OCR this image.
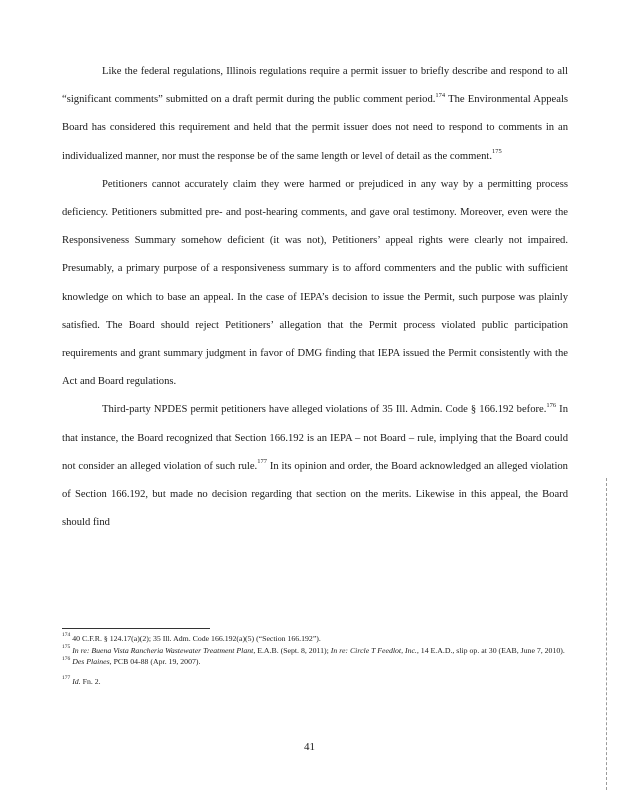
Like the federal regulations, Illinois regulations require a permit issuer to briefly describe and respond to all “significant comments” submitted on a draft permit during the public comment period.$^{174}$ The Environmental Appeals Board has considered this requirement and held that the permit issuer does not need to respond to comments in an individualized manner, nor must the response be of the same length or level of detail as the comment.$^{175}$

Petitioners cannot accurately claim they were harmed or prejudiced in any way by a permitting process deficiency. Petitioners submitted pre- and post-hearing comments, and gave oral testimony. Moreover, even were the Responsiveness Summary somehow deficient (it was not), Petitioners’ appeal rights were clearly not impaired. Presumably, a primary purpose of a responsiveness summary is to afford commenters and the public with sufficient knowledge on which to base an appeal. In the case of IEPA’s decision to issue the Permit, such purpose was plainly satisfied. The Board should reject Petitioners’ allegation that the Permit process violated public participation requirements and grant summary judgment in favor of DMG finding that IEPA issued the Permit consistently with the Act and Board regulations.

Third-party NPDES permit petitioners have alleged violations of 35 Ill. Admin. Code § 166.192 before.$^{176}$ In that instance, the Board recognized that Section 166.192 is an IEPA – not Board – rule, implying that the Board could not consider an alleged violation of such rule.$^{177}$ In its opinion and order, the Board acknowledged an alleged violation of Section 166.192, but made no decision regarding that section on the merits. Likewise in this appeal, the Board should find

$^{174}$ 40 C.F.R. § 124.17(a)(2); 35 Ill. Adm. Code 166.192(a)(5) (“Section 166.192”).

$^{175}$ In re: Buena Vista Rancheria Wastewater Treatment Plant, E.A.B. (Sept. 8, 2011); In re: Circle T Feedlot, Inc., 14 E.A.D., slip op. at 30 (EAB, June 7, 2010).

$^{176}$ Des Plaines, PCB 04-88 (Apr. 19, 2007).

$^{177}$ Id. Fn. 2.

41
